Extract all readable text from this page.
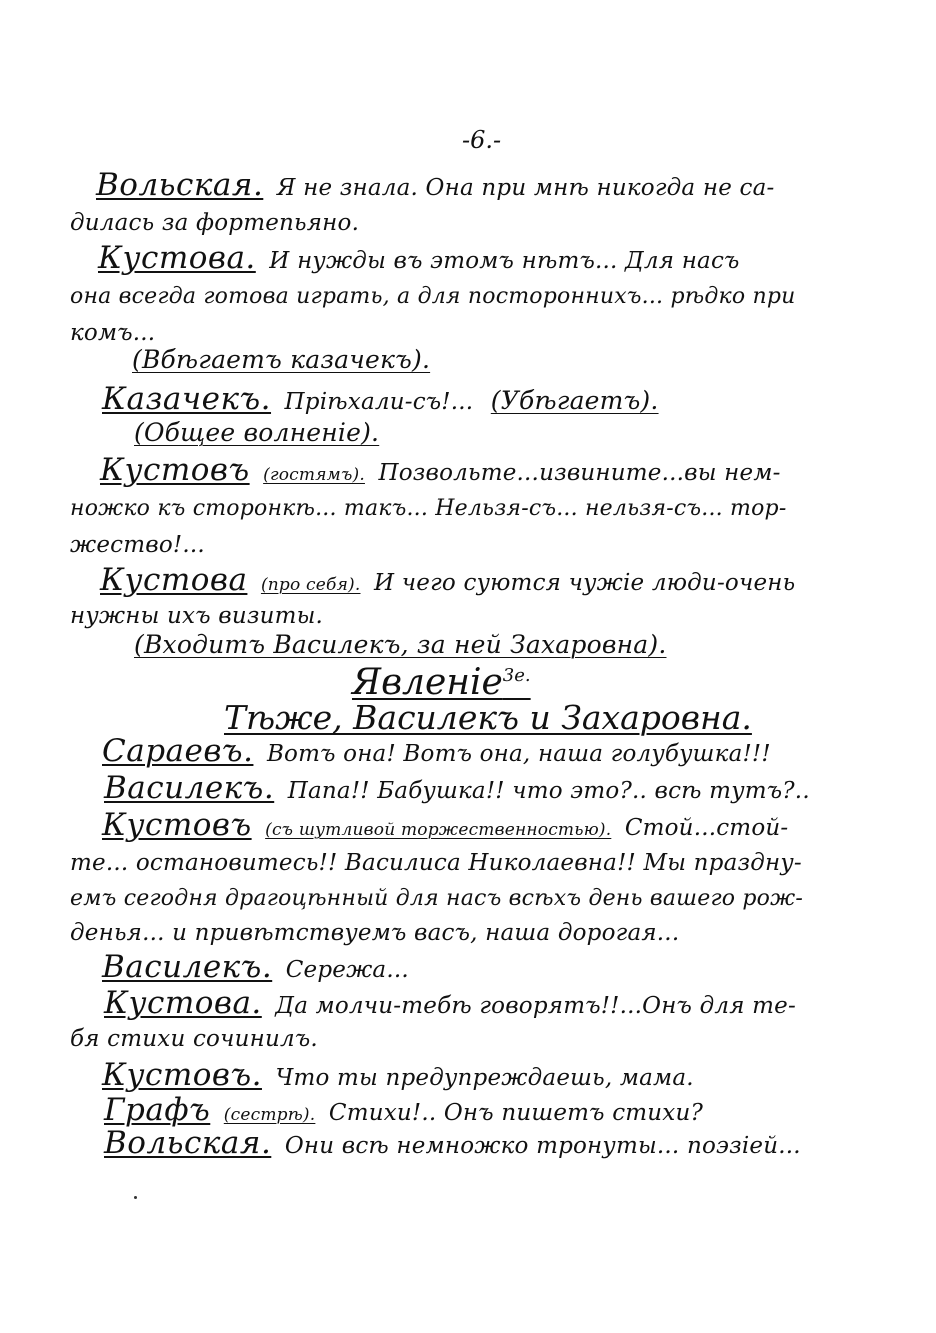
-6.-
Вольская. Я не знала. Она при мнѣ никогда не са-
дилась за фортепьяно.
Кустова. И нужды въ этомъ нѣтъ... Для насъ
она всегда готова играть, а для постороннихъ... рѣдко при
комъ...
(Вбѣгаетъ казачекъ).
Казачекъ. Пріѣхали-съ!... (Убѣгаетъ).
(Общее волненіе).
Кустовъ (гостямъ). Позвольте...извините...вы нем-
ножко къ сторонкѣ... такъ... Нельзя-съ... нельзя-съ... тор-
жество!...
Кустова (про себя). И чего суются чужіе люди-очень
нужны ихъ визиты.
(Входитъ Василекъ, за ней Захаровна).
Явленіе$^{3е.}$
Тѣже, Василекъ и Захаровна.
Сараевъ. Вотъ она! Вотъ она, наша голубушка!!!
Василекъ. Папа!! Бабушка!! что это?.. всѣ тутъ?..
Кустовъ (съ шутливой торжественностью). Стой...стой-
те... остановитесь!! Василиса Николаевна!! Мы праздну-
емъ сегодня драгоцѣнный для насъ всѣхъ день вашего рож-
денья... и привѣтствуемъ васъ, наша дорогая...
Василекъ. Сережа...
Кустова. Да молчи-тебѣ говорятъ!!...Онъ для те-
бя стихи сочинилъ.
Кустовъ. Что ты предупреждаешь, мама.
Графъ (сестрѣ). Стихи!.. Онъ пишетъ стихи?
Вольская. Они всѣ немножко тронуты... поэзіей...
